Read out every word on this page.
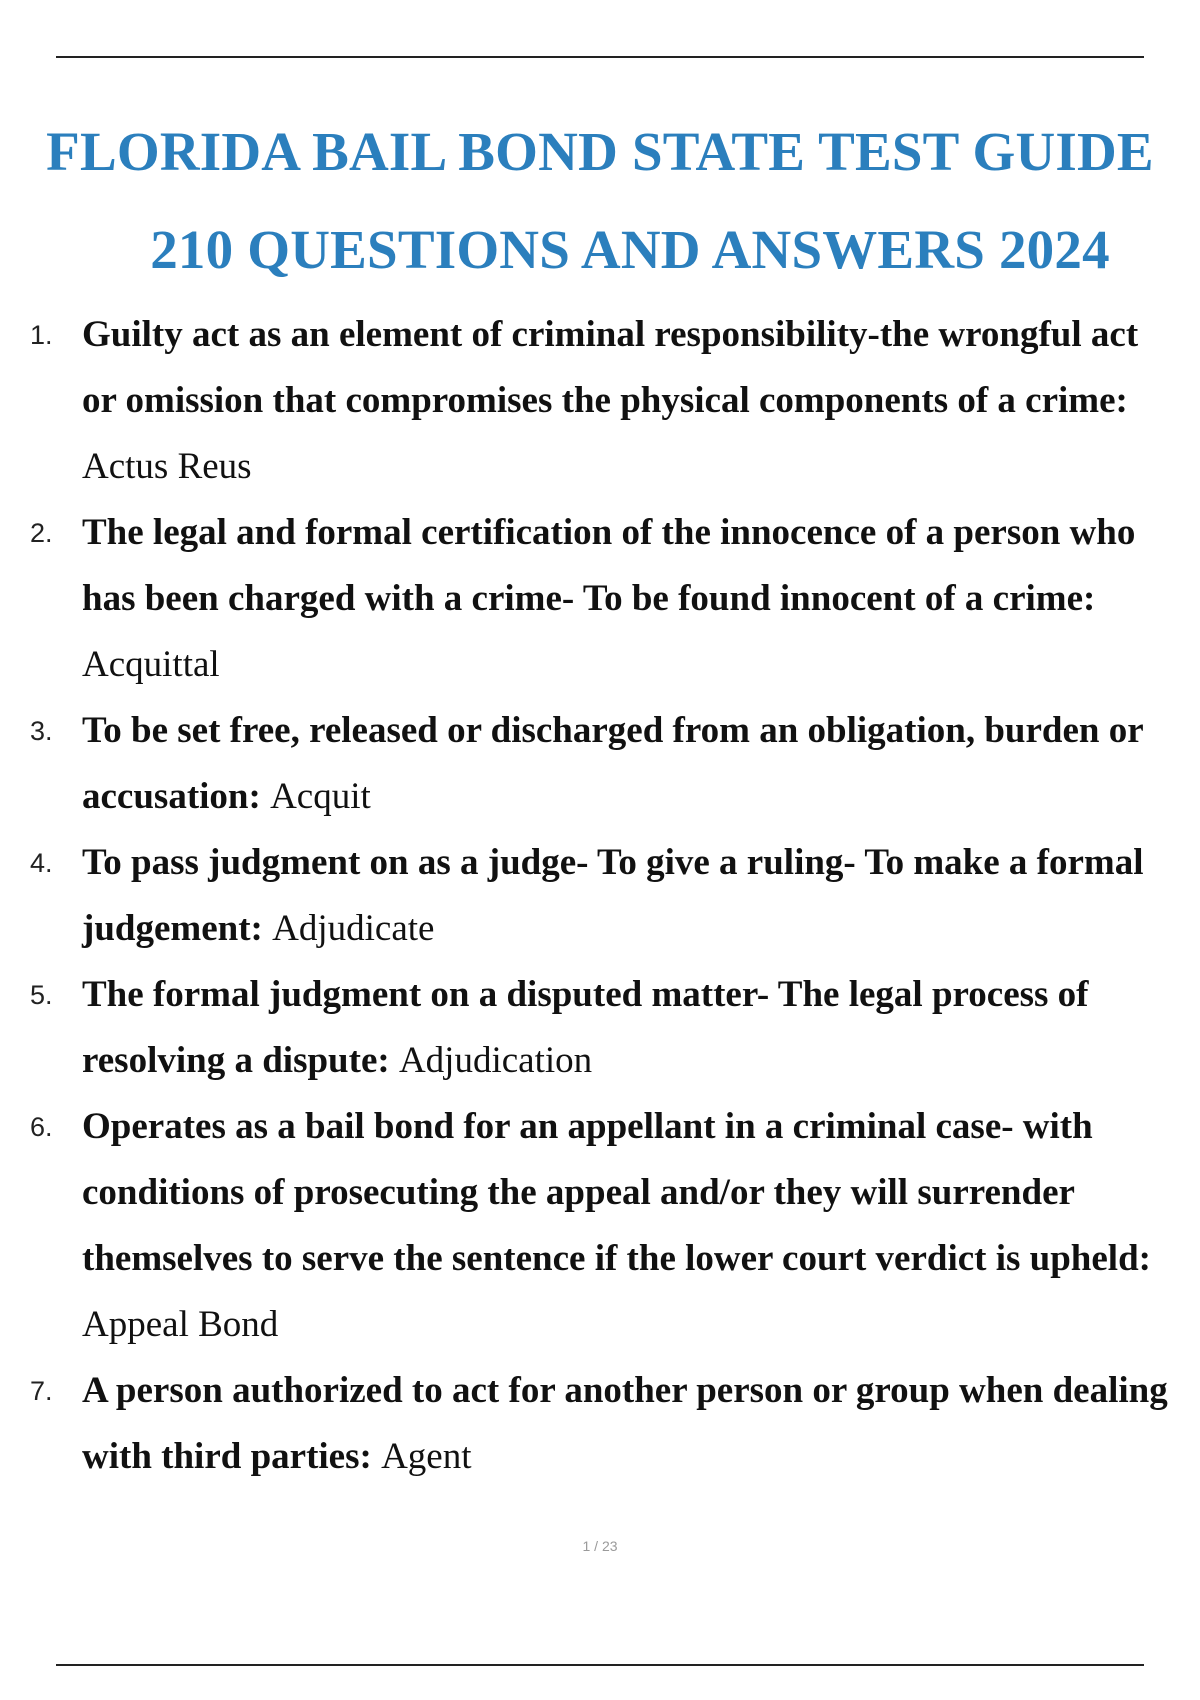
FLORIDA BAIL BOND STATE TEST GUIDE
210 QUESTIONS AND ANSWERS 2024
1. Guilty act as an element of criminal responsibility-the wrongful act or omission that compromises the physical components of a crime: Actus Reus
2. The legal and formal certification of the innocence of a person who has been charged with a crime- To be found innocent of a crime: Acquittal
3. To be set free, released or discharged from an obligation, burden or accusation: Acquit
4. To pass judgment on as a judge- To give a ruling- To make a formal judgement: Adjudicate
5. The formal judgment on a disputed matter- The legal process of resolving a dispute: Adjudication
6. Operates as a bail bond for an appellant in a criminal case- with conditions of prosecuting the appeal and/or they will surrender themselves to serve the sentence if the lower court verdict is upheld: Appeal Bond
7. A person authorized to act for another person or group when dealing with third parties: Agent
1 / 23
